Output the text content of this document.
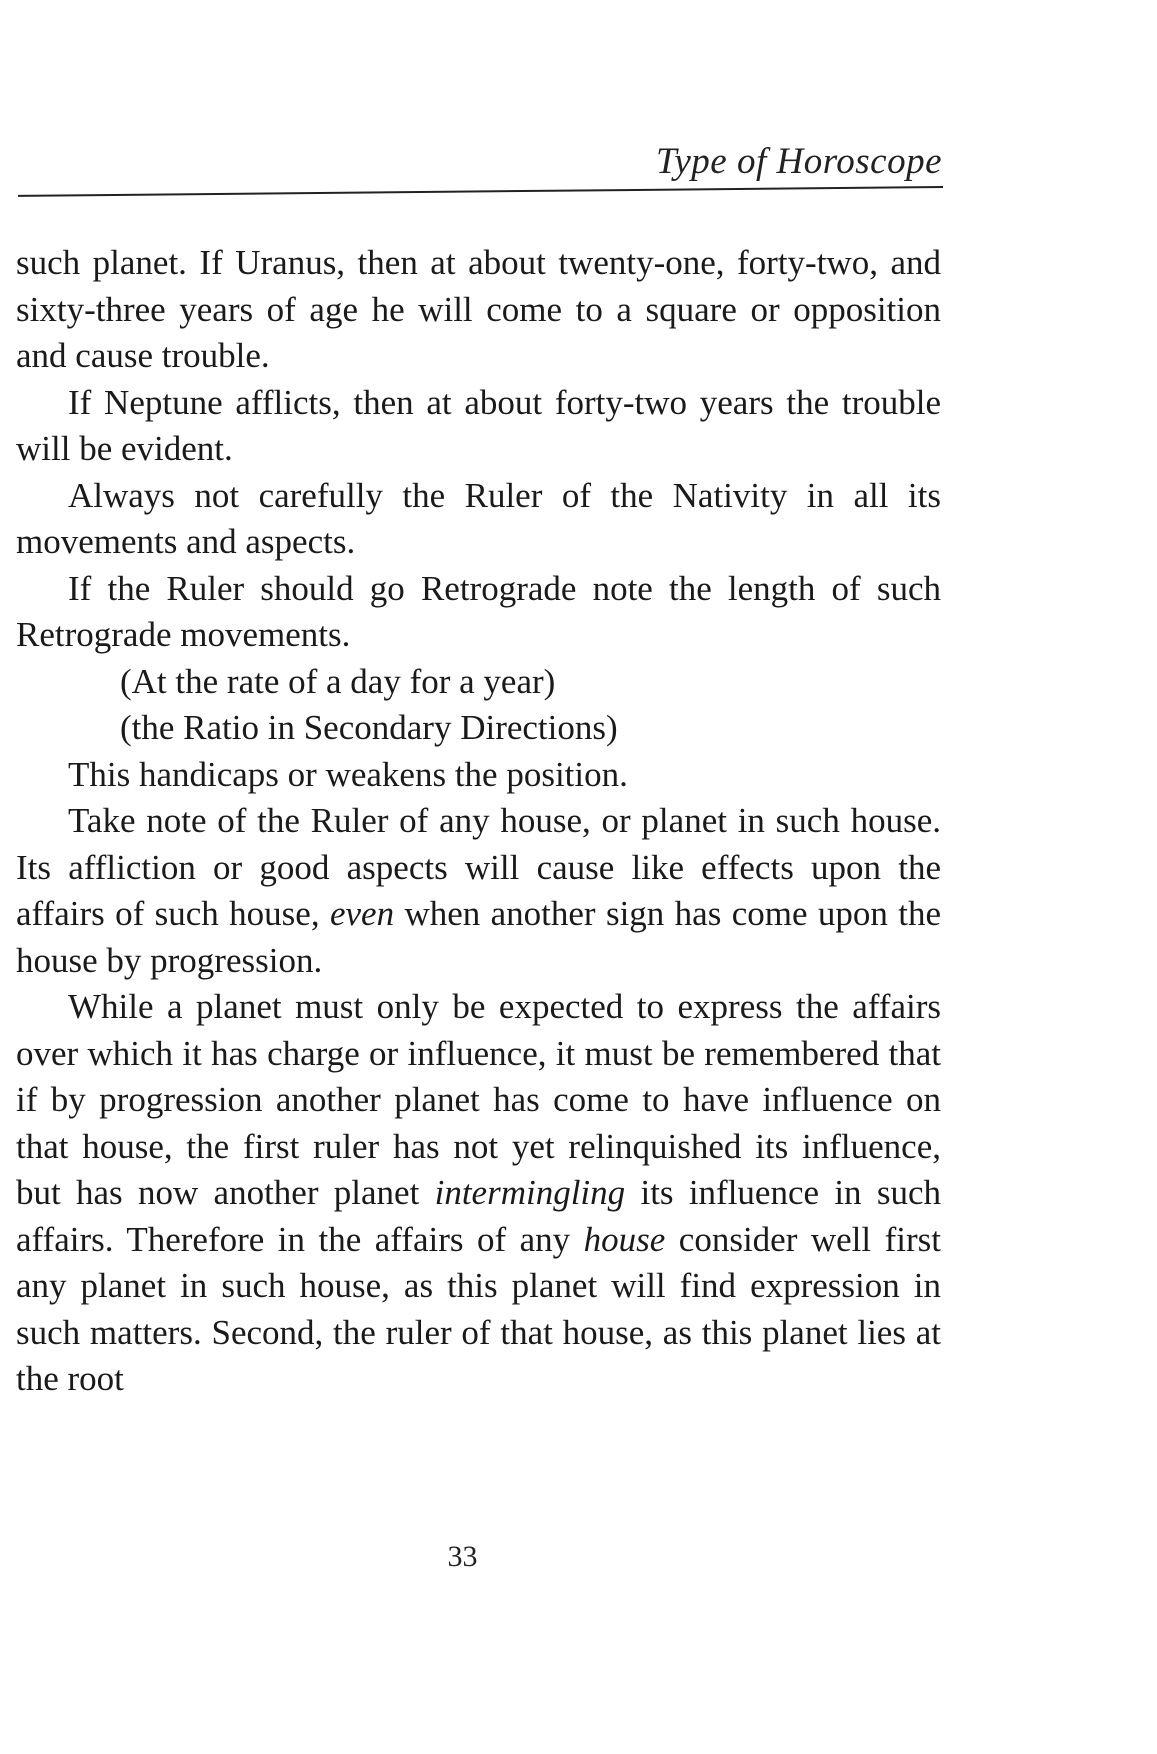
Type of Horoscope

such planet. If Uranus, then at about twenty-one, forty-two, and sixty-three years of age he will come to a square or opposition and cause trouble.

If Neptune afflicts, then at about forty-two years the trouble will be evident.

Always not carefully the Ruler of the Nativity in all its movements and aspects.

If the Ruler should go Retrograde note the length of such Retrograde movements.

(At the rate of a day for a year)

(the Ratio in Secondary Directions)

This handicaps or weakens the position.

Take note of the Ruler of any house, or planet in such house. Its affliction or good aspects will cause like effects upon the affairs of such house, even when another sign has come upon the house by progression.

While a planet must only be expected to express the affairs over which it has charge or influence, it must be remembered that if by progression another planet has come to have influence on that house, the first ruler has not yet relinquished its influence, but has now another planet intermingling its influence in such affairs. Therefore in the affairs of any house consider well first any planet in such house, as this planet will find expression in such matters. Second, the ruler of that house, as this planet lies at the root

33
